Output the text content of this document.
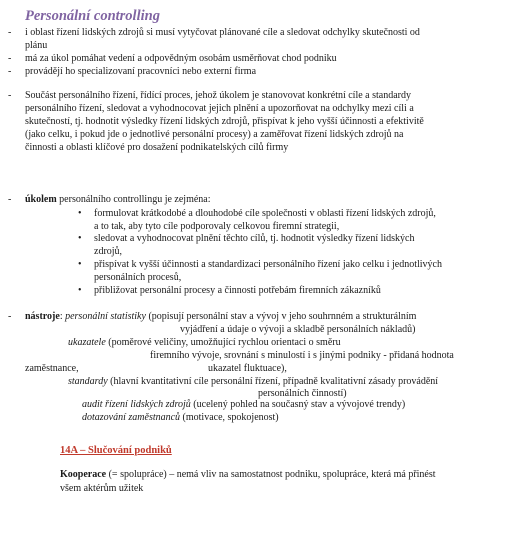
Personální controlling
- i oblast řízení lidských zdrojů si musí vytyčovat plánované cíle a sledovat odchylky skutečnosti od
plánu
- má za úkol pomáhat vedení a odpovědným osobám usměrňovat chod podniku
- provádějí ho specializovaní pracovníci nebo externí firma
- Součást personálního řízení, řídící proces, jehož úkolem je stanovovat konkrétní cíle a standardy
personálního řízení, sledovat a vyhodnocovat jejich plnění a upozorňovat na odchylky mezi cíli a
skutečností, tj. hodnotit výsledky řízení lidských zdrojů, přispívat k jeho vyšší účinnosti a efektivitě
(jako celku, i pokud jde o jednotlivé personální procesy) a zaměřovat řízení lidských zdrojů na
činnosti a oblasti klíčové pro dosažení podnikatelských cílů firmy
- úkolem personálního controllingu je zejména:
• formulovat krátkodobé a dlouhodobé cíle společnosti v oblasti řízení lidských zdrojů,
a to tak, aby tyto cíle podporovaly celkovou firemní strategii,
• sledovat a vyhodnocovat plnění těchto cílů, tj. hodnotit výsledky řízení lidských
zdrojů,
• přispívat k vyšší účinnosti a standardizaci personálního řízení jako celku i jednotlivých
personálních procesů,
• přibližovat personální procesy a činnosti potřebám firemních zákazníků
- nástroje: personální statistiky (popisují personální stav a vývoj v jeho souhrnném a strukturálním
vyjádření a údaje o vývoji a skladbě personálních nákladů)
ukazatele (poměrové veličiny, umožňující rychlou orientaci o směru
firemního vývoje, srovnání s minulostí i s jinými podniky - přidaná hodnota
zaměstnance,	ukazatel fluktuace),
standardy (hlavní kvantitativní cíle personální řízení, případně kvalitativní zásady provádění
personálních činností)
audit řízení lidských zdrojů (ucelený pohled na současný stav a vývojové trendy)
dotazování zaměstnanců (motivace, spokojenost)
14A – Slučování podniků
Kooperace (= spolupráce) – nemá vliv na samostatnost podniku, spolupráce, která má přinést
všem aktérům užitek
